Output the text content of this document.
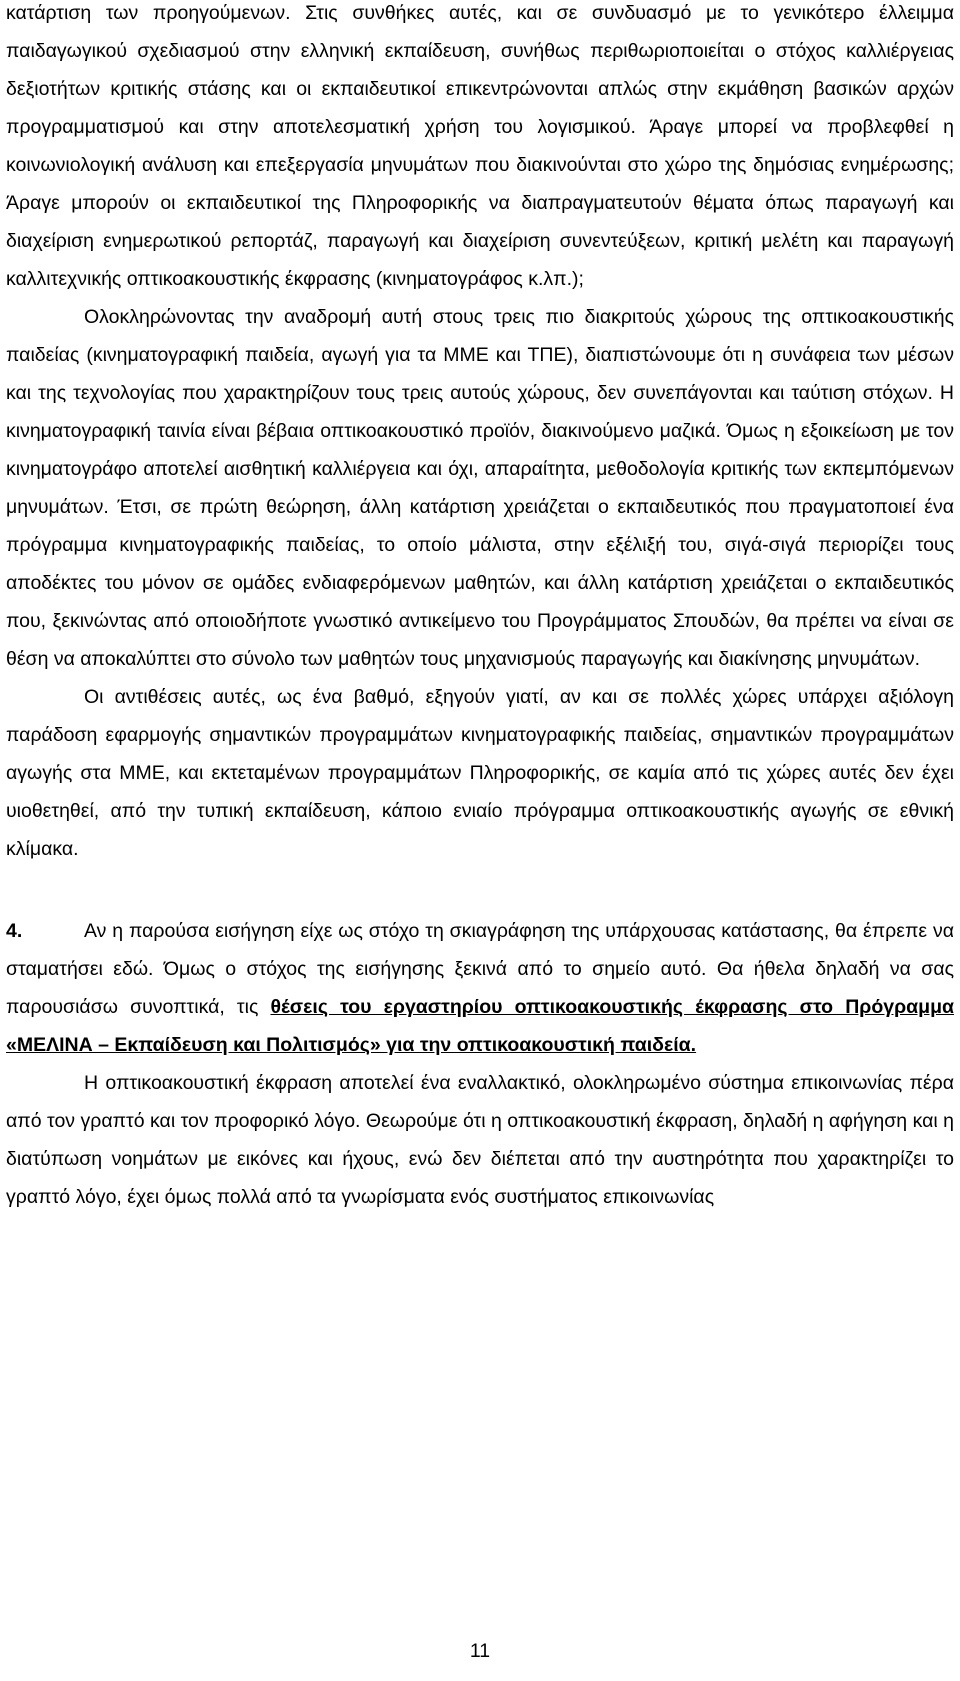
κατάρτιση των προηγούμενων. Στις συνθήκες αυτές, και σε συνδυασμό με το γενικότερο έλλειμμα παιδαγωγικού σχεδιασμού στην ελληνική εκπαίδευση, συνήθως περιθωριοποιείται ο στόχος καλλιέργειας δεξιοτήτων κριτικής στάσης και οι εκπαιδευτικοί επικεντρώνονται απλώς στην εκμάθηση βασικών αρχών προγραμματισμού και στην αποτελεσματική χρήση του λογισμικού. Άραγε μπορεί να προβλεφθεί η κοινωνιολογική ανάλυση και επεξεργασία μηνυμάτων που διακινούνται στο χώρο της δημόσιας ενημέρωσης; Άραγε μπορούν οι εκπαιδευτικοί της Πληροφορικής να διαπραγματευτούν θέματα όπως παραγωγή και διαχείριση ενημερωτικού ρεπορτάζ, παραγωγή και διαχείριση συνεντεύξεων, κριτική μελέτη και παραγωγή καλλιτεχνικής οπτικοακουστικής έκφρασης (κινηματογράφος κ.λπ.);

Ολοκληρώνοντας την αναδρομή αυτή στους τρεις πιο διακριτούς χώρους της οπτικοακουστικής παιδείας (κινηματογραφική παιδεία, αγωγή για τα ΜΜΕ και ΤΠΕ), διαπιστώνουμε ότι η συνάφεια των μέσων και της τεχνολογίας που χαρακτηρίζουν τους τρεις αυτούς χώρους, δεν συνεπάγονται και ταύτιση στόχων. Η κινηματογραφική ταινία είναι βέβαια οπτικοακουστικό προϊόν, διακινούμενο μαζικά. Όμως η εξοικείωση με τον κινηματογράφο αποτελεί αισθητική καλλιέργεια και όχι, απαραίτητα, μεθοδολογία κριτικής των εκπεμπόμενων μηνυμάτων. Έτσι, σε πρώτη θεώρηση, άλλη κατάρτιση χρειάζεται ο εκπαιδευτικός που πραγματοποιεί ένα πρόγραμμα κινηματογραφικής παιδείας, το οποίο μάλιστα, στην εξέλιξή του, σιγά-σιγά περιορίζει τους αποδέκτες του μόνον σε ομάδες ενδιαφερόμενων μαθητών, και άλλη κατάρτιση χρειάζεται ο εκπαιδευτικός που, ξεκινώντας από οποιοδήποτε γνωστικό αντικείμενο του Προγράμματος Σπουδών, θα πρέπει να είναι σε θέση να αποκαλύπτει στο σύνολο των μαθητών τους μηχανισμούς παραγωγής και διακίνησης μηνυμάτων.

Οι αντιθέσεις αυτές, ως ένα βαθμό, εξηγούν γιατί, αν και σε πολλές χώρες υπάρχει αξιόλογη παράδοση εφαρμογής σημαντικών προγραμμάτων κινηματογραφικής παιδείας, σημαντικών προγραμμάτων αγωγής στα ΜΜΕ, και εκτεταμένων προγραμμάτων Πληροφορικής, σε καμία από τις χώρες αυτές δεν έχει υιοθετηθεί, από την τυπική εκπαίδευση, κάποιο ενιαίο πρόγραμμα οπτικοακουστικής αγωγής σε εθνική κλίμακα.

4.	Αν η παρούσα εισήγηση είχε ως στόχο τη σκιαγράφηση της υπάρχουσας κατάστασης, θα έπρεπε να σταματήσει εδώ. Όμως ο στόχος της εισήγησης ξεκινά από το σημείο αυτό. Θα ήθελα δηλαδή να σας παρουσιάσω συνοπτικά, τις θέσεις του εργαστηρίου οπτικοακουστικής έκφρασης στο Πρόγραμμα «ΜΕΛΙΝΑ – Εκπαίδευση και Πολιτισμός» για την οπτικοακουστική παιδεία.

Η οπτικοακουστική έκφραση αποτελεί ένα εναλλακτικό, ολοκληρωμένο σύστημα επικοινωνίας πέρα από τον γραπτό και τον προφορικό λόγο. Θεωρούμε ότι η οπτικοακουστική έκφραση, δηλαδή η αφήγηση και η διατύπωση νοημάτων με εικόνες και ήχους, ενώ δεν διέπεται από την αυστηρότητα που χαρακτηρίζει το γραπτό λόγο, έχει όμως πολλά από τα γνωρίσματα ενός συστήματος επικοινωνίας

11
